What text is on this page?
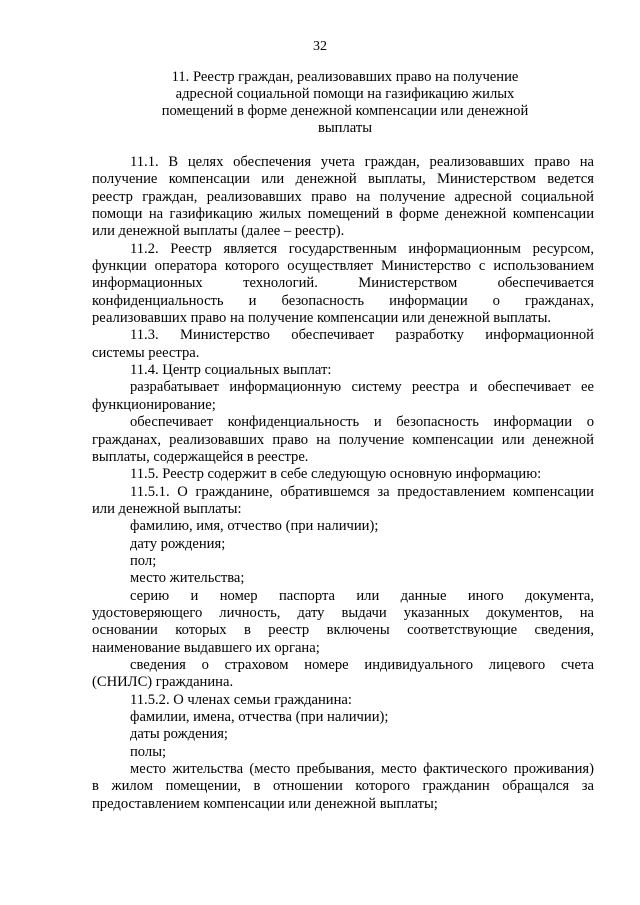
32
11. Реестр граждан, реализовавших право на получение
адресной социальной помощи на газификацию жилых
помещений в форме денежной компенсации или денежной
выплаты
11.1. В целях обеспечения учета граждан, реализовавших право на
получение компенсации или денежной выплаты, Министерством ведется
реестр граждан, реализовавших право на получение адресной социальной
помощи на газификацию жилых помещений в форме денежной компенсации
или денежной выплаты (далее – реестр).
11.2. Реестр является государственным информационным ресурсом,
функции оператора которого осуществляет Министерство с использованием
информационных технологий. Министерством обеспечивается
конфиденциальность и безопасность информации о гражданах,
реализовавших право на получение компенсации или денежной выплаты.
11.3. Министерство обеспечивает разработку информационной
системы реестра.
11.4. Центр социальных выплат:
разрабатывает информационную систему реестра и обеспечивает ее
функционирование;
обеспечивает конфиденциальность и безопасность информации о
гражданах, реализовавших право на получение компенсации или денежной
выплаты, содержащейся в реестре.
11.5. Реестр содержит в себе следующую основную информацию:
11.5.1. О гражданине, обратившемся за предоставлением компенсации
или денежной выплаты:
фамилию, имя, отчество (при наличии);
дату рождения;
пол;
место жительства;
серию и номер паспорта или данные иного документа,
удостоверяющего личность, дату выдачи указанных документов, на
основании которых в реестр включены соответствующие сведения,
наименование выдавшего их органа;
сведения о страховом номере индивидуального лицевого счета
(СНИЛС) гражданина.
11.5.2. О членах семьи гражданина:
фамилии, имена, отчества (при наличии);
даты рождения;
полы;
место жительства (место пребывания, место фактического проживания)
в жилом помещении, в отношении которого гражданин обращался за
предоставлением компенсации или денежной выплаты;
